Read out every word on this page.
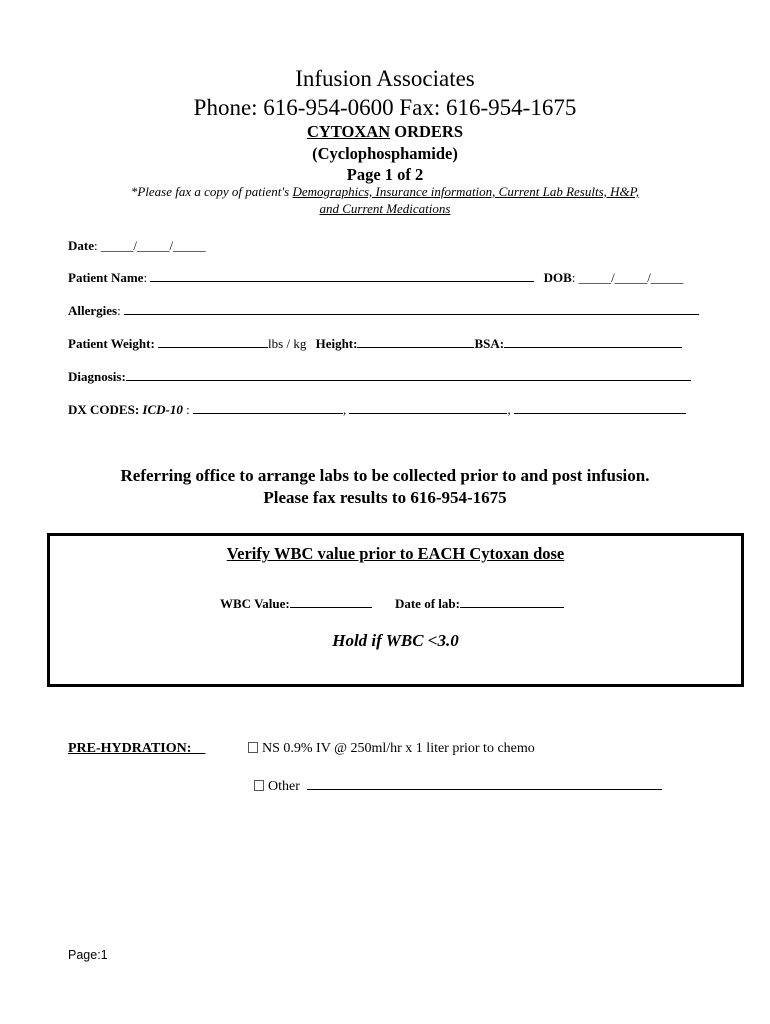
Infusion Associates
Phone: 616-954-0600 Fax: 616-954-1675
CYTOXAN ORDERS
(Cyclophosphamide)
Page 1 of 2
*Please fax a copy of patient's Demographics, Insurance information, Current Lab Results, H&P,
and Current Medications
Date: _____/_____/_____
Patient Name:	DOB: _____/_____/_____
Allergies:
Patient Weight:	lbs / kg Height:	BSA:
Diagnosis:
DX CODES: ICD-10 :	,	,
Referring office to arrange labs to be collected prior to and post infusion.
Please fax results to 616-954-1675
Verify WBC value prior to EACH Cytoxan dose
WBC Value:	Date of lab:
Hold if WBC <3.0
PRE-HYDRATION:	NS 0.9% IV @ 250ml/hr x 1 liter prior to chemo
Other
Page:1
